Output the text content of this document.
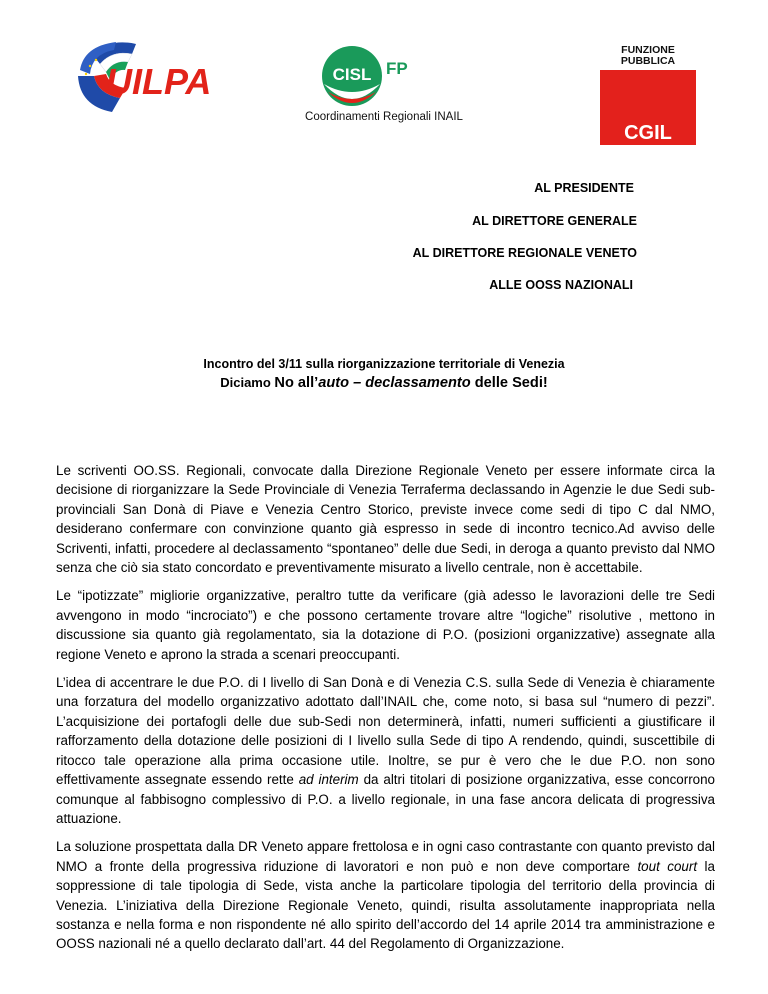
UILPA	CISL FP
FUNZIONE
PUBBLICA
CGIL
Coordinamenti Regionali INAIL
AL PRESIDENTE
AL DIRETTORE GENERALE
AL DIRETTORE REGIONALE VENETO
ALLE OOSS NAZIONALI
Incontro del 3/11 sulla riorganizzazione territoriale di Venezia
Diciamo No all’auto – declassamento delle Sedi!

Le scriventi OO.SS. Regionali, convocate dalla Direzione Regionale Veneto per essere informate circa la decisione di riorganizzare la Sede Provinciale di Venezia Terraferma declassando in Agenzie le due Sedi sub-provinciali San Donà di Piave e Venezia Centro Storico, previste invece come sedi di tipo C dal NMO, desiderano confermare con convinzione quanto già espresso in sede di incontro tecnico.Ad avviso delle Scriventi, infatti, procedere al declassamento “spontaneo” delle due Sedi, in deroga a quanto previsto dal NMO senza che ciò sia stato concordato e preventivamente misurato a livello centrale, non è accettabile.

Le “ipotizzate” migliorie organizzative, peraltro tutte da verificare (già adesso le lavorazioni delle tre Sedi avvengono in modo “incrociato”) e che possono certamente trovare altre “logiche” risolutive , mettono in discussione sia quanto già regolamentato, sia la dotazione di P.O. (posizioni organizzative) assegnate alla regione Veneto e aprono la strada a scenari preoccupanti.

L’idea di accentrare le due P.O. di I livello di San Donà e di Venezia C.S. sulla Sede di Venezia è chiaramente una forzatura del modello organizzativo adottato dall’INAIL che, come noto, si basa sul “numero di pezzi”. L’acquisizione dei portafogli delle due sub-Sedi non determinerà, infatti, numeri sufficienti a giustificare il rafforzamento della dotazione delle posizioni di I livello sulla Sede di tipo A rendendo, quindi, suscettibile di ritocco tale operazione alla prima occasione utile. Inoltre, se pur è vero che le due P.O. non sono effettivamente assegnate essendo rette ad interim da altri titolari di posizione organizzativa, esse concorrono comunque al fabbisogno complessivo di P.O. a livello regionale, in una fase ancora delicata di progressiva attuazione.

La soluzione prospettata dalla DR Veneto appare frettolosa e in ogni caso contrastante con quanto previsto dal NMO a fronte della progressiva riduzione di lavoratori e non può e non deve comportare tout court la soppressione di tale tipologia di Sede, vista anche la particolare tipologia del territorio della provincia di Venezia. L’iniziativa della Direzione Regionale Veneto, quindi, risulta assolutamente inappropriata nella sostanza e nella forma e non rispondente né allo spirito dell’accordo del 14 aprile 2014 tra amministrazione e OOSS nazionali né a quello declarato dall’art. 44 del Regolamento di Organizzazione.
